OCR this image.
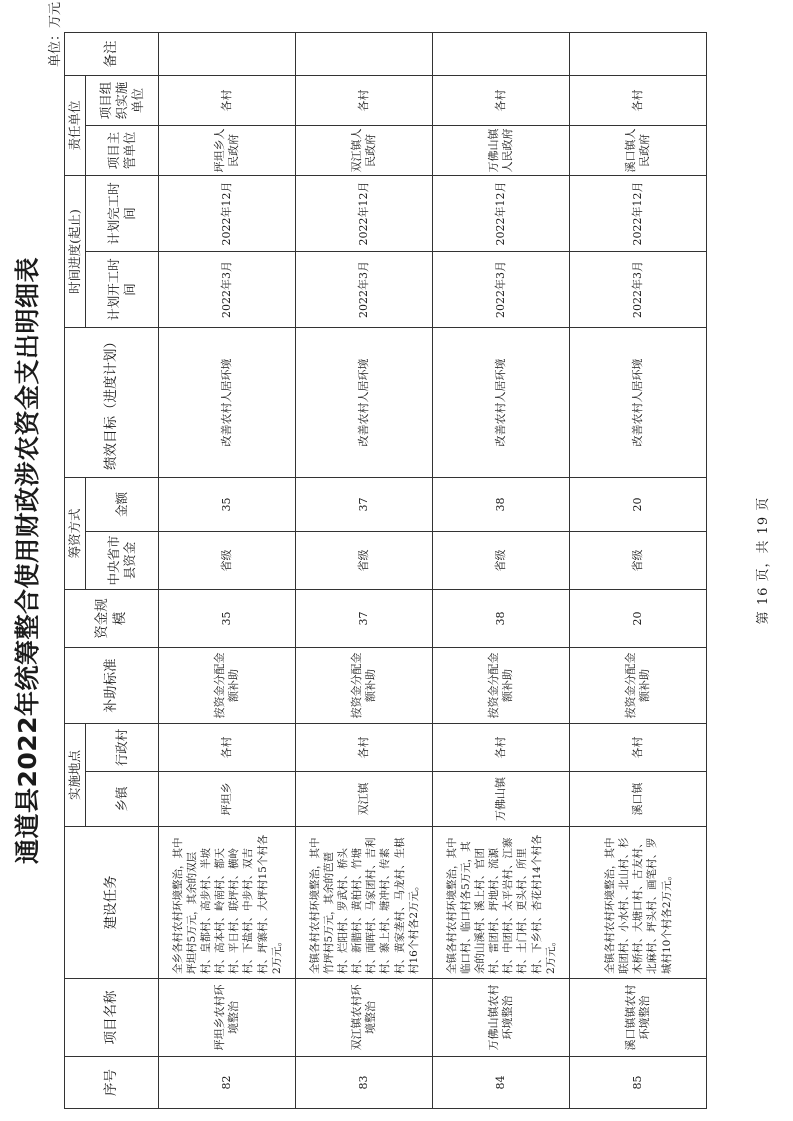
通道县2022年统筹整合使用财政涉农资金支出明细表
单位：万元
序号	项目名称	建设任务	实施地点		补助标准	资金规模	筹资方式		绩效目标（进度计划）	时间进度(起止)		责任单位		备注
			乡镇	行政村			中央省市县资金	金额		计划开工时间	计划完工时间	项目主管单位	项目组织实施单位	

82	坪坦乡农村环境整治	全乡各村农村环境整治，其中坪坦村5万元，其余的双层村、皇都村、高步村、半坡村、高本村、岭南村、都天村、平日村、联坪村、横岭村、下盐村、中步村、双吉村、坪寨村、大坪村15个村各2万元。	坪坦乡	各村	按资金分配金额补助	35	省级	35	改善农村人居环境	2022年3月	2022年12月	坪坦乡人民政府	各村	
83	双江镇农村环境整治	全镇各村农村环境整治，其中竹坪村5万元，其余的芭琶村、烂阳村、罗武村、桥头村、新腊村、黄柏村、竹塘村、両晖村、马家团村、吉利村、寨上村、塘冲村、传素村、黄家垄村、马龙村、生棋村16个村各2万元。	双江镇	各村	按资金分配金额补助	37	省级	37	改善农村人居环境	2022年3月	2022年12月	双江镇人民政府	各村	
84	万佛山镇农村环境整治	全镇各村农村环境整治，其中临口村、临口村各5万元，其余的山溪村、溪上村、官团村、雷团村、坪地村、流源村、中团村、太平岩村、江寨村、土门村、更头村、所里村、下乡村、杏花村14个村各2万元。	万佛山镇	各村	按资金分配金额补助	38	省级	38	改善农村人居环境	2022年3月	2022年12月	万佛山镇人民政府	各村	
85	溪口镇镇农村环境整治	全镇各村农村环境整治，其中联团村、小水村、北山村、杉木桥村、大塘口村、古友村、北麻村、坪头村、画笔村、罗城村10个村各2万元。	溪口镇	各村	按资金分配金额补助	20	省级	20	改善农村人居环境	2022年3月	2022年12月	溪口镇人民政府	各村	
第 16 页，共 19 页
